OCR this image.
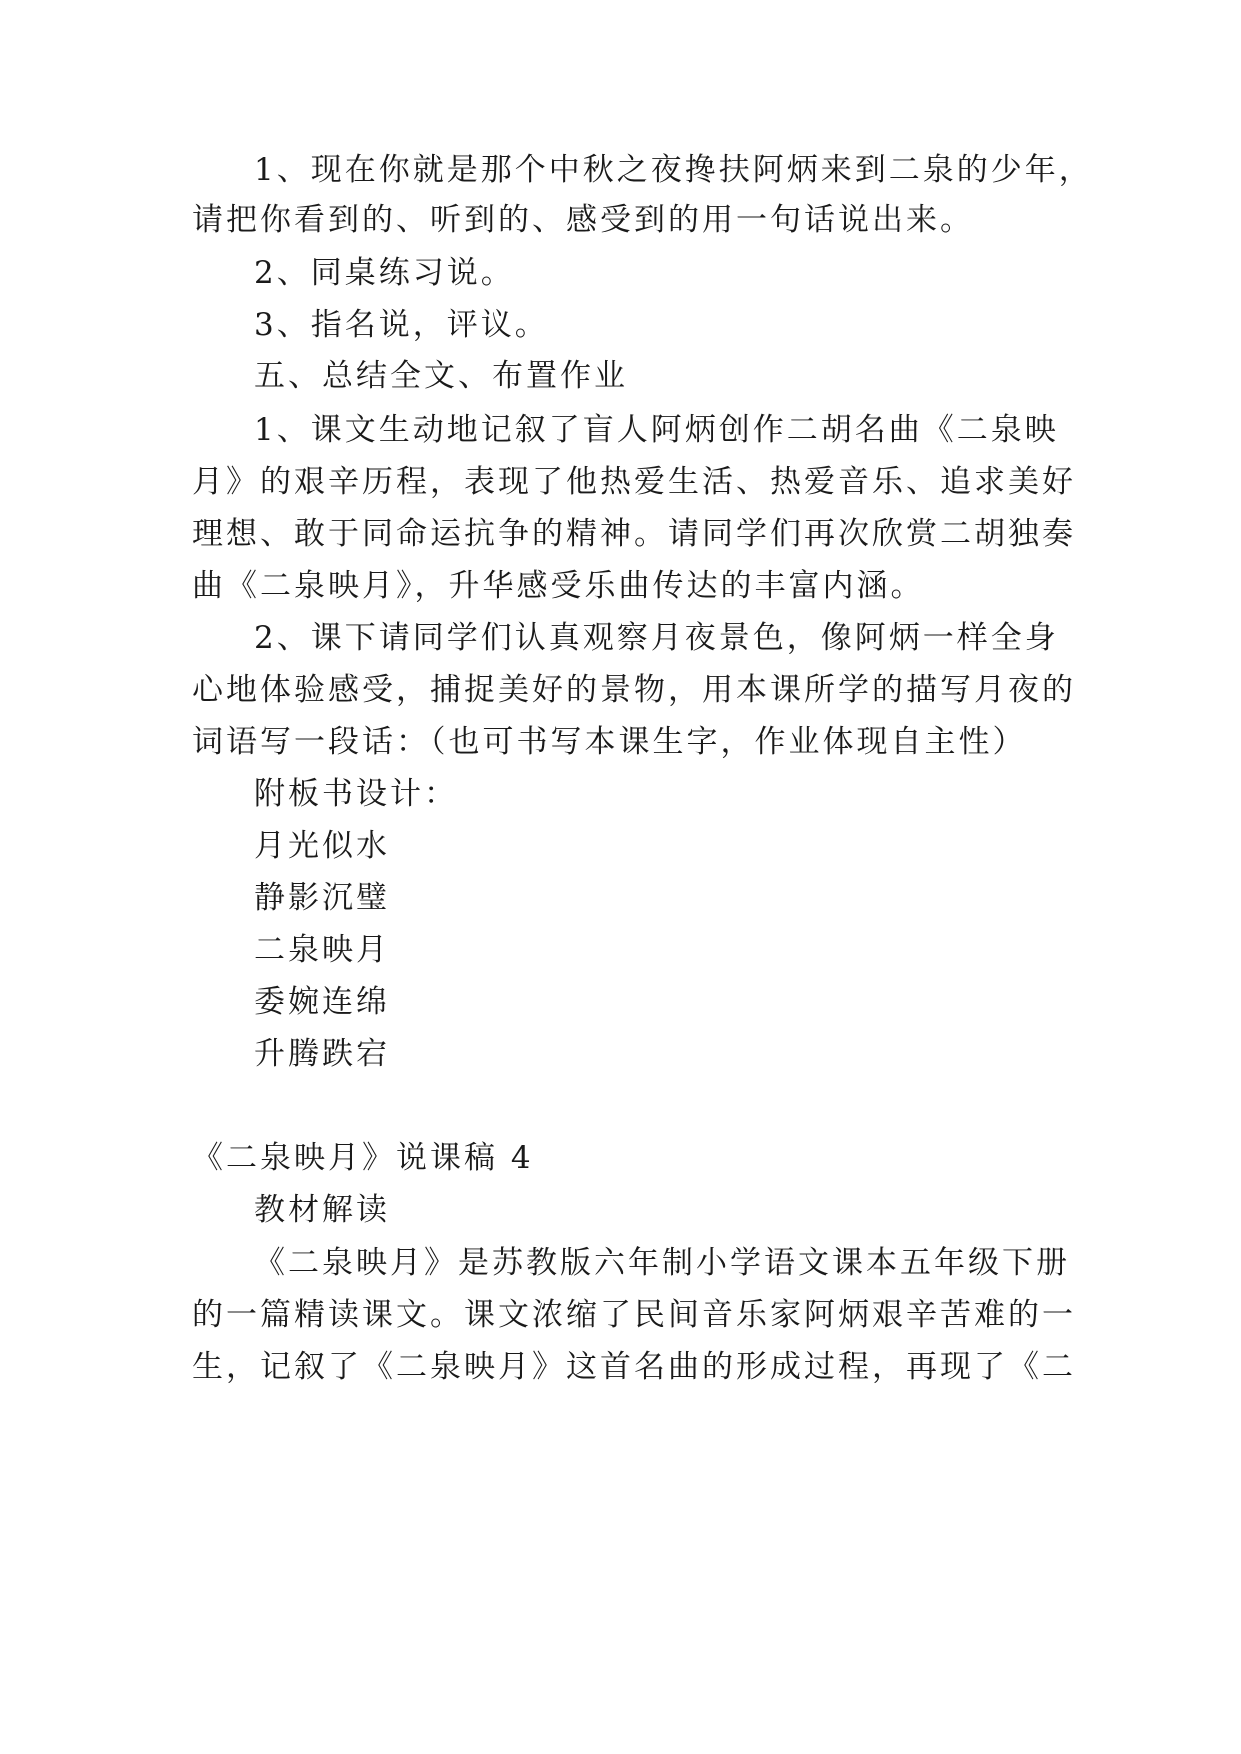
1、现在你就是那个中秋之夜搀扶阿炳来到二泉的少年，
请把你看到的、听到的、感受到的用一句话说出来。
2、同桌练习说。
3、指名说，评议。
五、总结全文、布置作业
1、课文生动地记叙了盲人阿炳创作二胡名曲《二泉映
月》的艰辛历程，表现了他热爱生活、热爱音乐、追求美好
理想、敢于同命运抗争的精神。请同学们再次欣赏二胡独奏
曲《二泉映月》，升华感受乐曲传达的丰富内涵。
2、课下请同学们认真观察月夜景色，像阿炳一样全身
心地体验感受，捕捉美好的景物，用本课所学的描写月夜的
词语写一段话：（也可书写本课生字，作业体现自主性）
附板书设计：
月光似水
静影沉璧
二泉映月
委婉连绵
升腾跌宕
《二泉映月》说课稿 4
教材解读
《二泉映月》是苏教版六年制小学语文课本五年级下册
的一篇精读课文。课文浓缩了民间音乐家阿炳艰辛苦难的一
生，记叙了《二泉映月》这首名曲的形成过程，再现了《二
